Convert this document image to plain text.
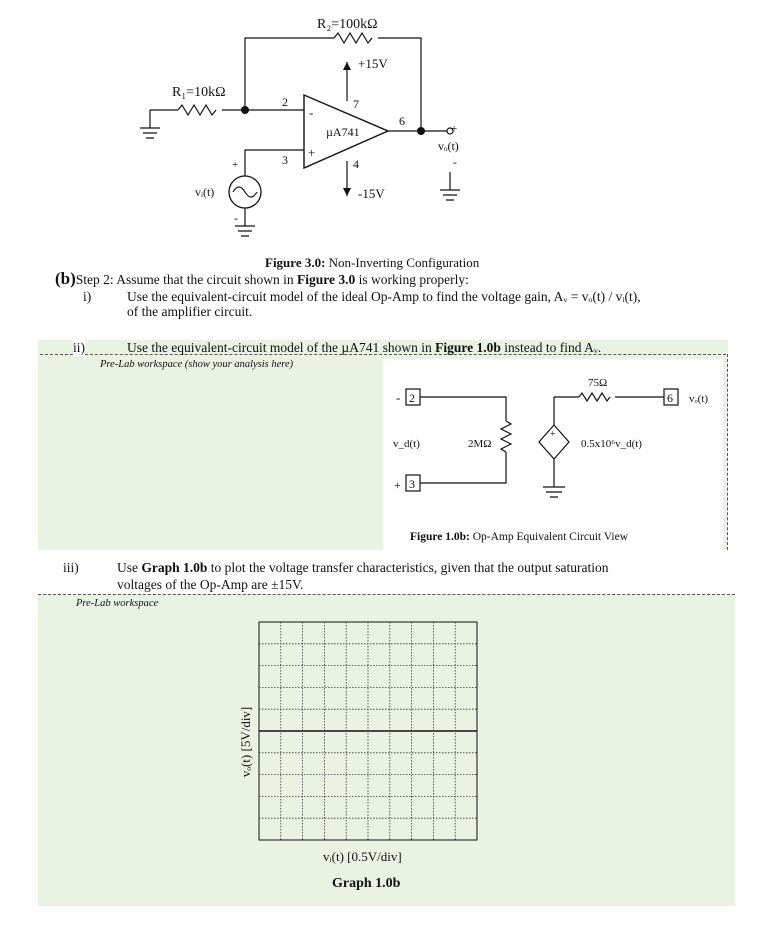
R₂=100kΩ
R₁=10kΩ
µA741
-
+
2
3
+15V
7
-15V
4
6
+
vₒ(t)
-
+
-
vᵢ(t)
Figure 3.0: Non-Inverting Configuration
(b)Step 2: Assume that the circuit shown in Figure 3.0 is working properly:
i)	Use the equivalent-circuit model of the ideal Op-Amp to find the voltage gain, Aᵥ = vₒ(t) / vᵢ(t),
of the amplifier circuit.
Pre-Lab workspace (show your analysis here)
- 2
3
+
v_d(t)	2MΩ
+
0.5x10⁶v_d(t)
75Ω
6 vₒ(t)
Figure 1.0b: Op-Amp Equivalent Circuit View
ii)	Use the equivalent-circuit model of the µA741 shown in Figure 1.0b instead to find Aᵥ.
iii)	Use Graph 1.0b to plot the voltage transfer characteristics, given that the output saturation
voltages of the Op-Amp are ±15V.
Pre-Lab workspace
vₒ(t) [5V/div]
vᵢ(t) [0.5V/div]
Graph 1.0b
